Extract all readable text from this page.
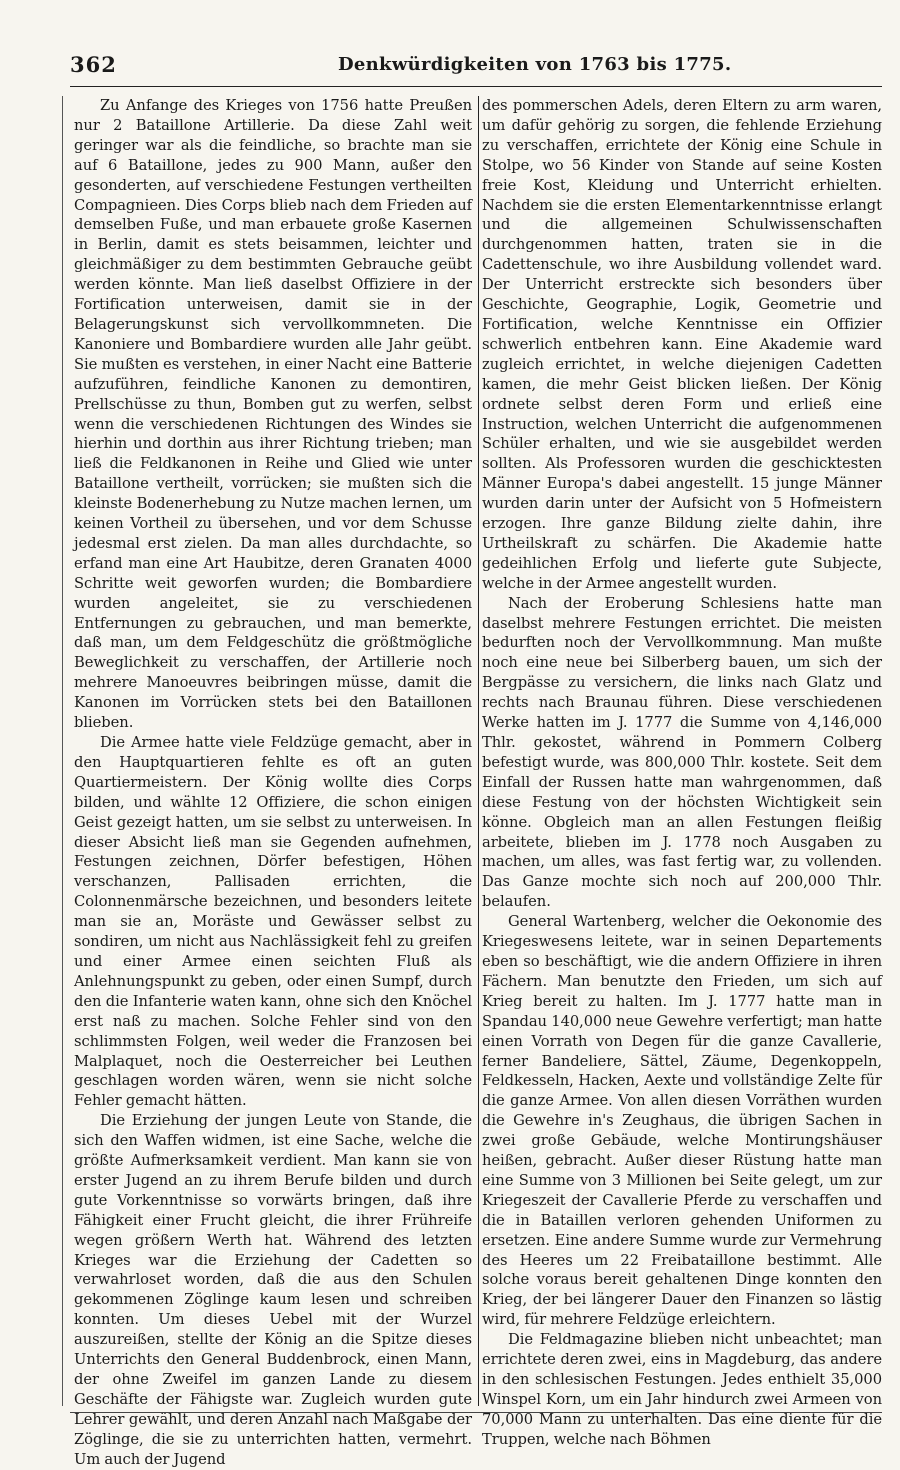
362	Denkwürdigkeiten von 1763 bis 1775.

Zu Anfange des Krieges von 1756 hatte Preußen nur 2 Bataillone Artillerie. Da diese Zahl weit geringer war als die feindliche, so brachte man sie auf 6 Bataillone, jedes zu 900 Mann, außer den gesonderten, auf verschiedene Festungen vertheilten Compagnieen. Dies Corps blieb nach dem Frieden auf demselben Fuße, und man erbauete große Kasernen in Berlin, damit es stets beisammen, leichter und gleichmäßiger zu dem bestimmten Gebrauche geübt werden könnte. Man ließ daselbst Offiziere in der Fortification unterweisen, damit sie in der Belagerungskunst sich vervollkommneten. Die Kanoniere und Bombardiere wurden alle Jahr geübt. Sie mußten es verstehen, in einer Nacht eine Batterie aufzuführen, feindliche Kanonen zu demontiren, Prellschüsse zu thun, Bomben gut zu werfen, selbst wenn die verschiedenen Richtungen des Windes sie hierhin und dorthin aus ihrer Richtung trieben; man ließ die Feldkanonen in Reihe und Glied wie unter Bataillone vertheilt, vorrücken; sie mußten sich die kleinste Bodenerhebung zu Nutze machen lernen, um keinen Vortheil zu übersehen, und vor dem Schusse jedesmal erst zielen. Da man alles durchdachte, so erfand man eine Art Haubitze, deren Granaten 4000 Schritte weit geworfen wurden; die Bombardiere wurden angeleitet, sie zu verschiedenen Entfernungen zu gebrauchen, und man bemerkte, daß man, um dem Feldgeschütz die größtmögliche Beweglichkeit zu verschaffen, der Artillerie noch mehrere Manoeuvres beibringen müsse, damit die Kanonen im Vorrücken stets bei den Bataillonen blieben.

Die Armee hatte viele Feldzüge gemacht, aber in den Hauptquartieren fehlte es oft an guten Quartiermeistern. Der König wollte dies Corps bilden, und wählte 12 Offiziere, die schon einigen Geist gezeigt hatten, um sie selbst zu unterweisen. In dieser Absicht ließ man sie Gegenden aufnehmen, Festungen zeichnen, Dörfer befestigen, Höhen verschanzen, Pallisaden errichten, die Colonnenmärsche bezeichnen, und besonders leitete man sie an, Moräste und Gewässer selbst zu sondiren, um nicht aus Nachlässigkeit fehl zu greifen und einer Armee einen seichten Fluß als Anlehnungspunkt zu geben, oder einen Sumpf, durch den die Infanterie waten kann, ohne sich den Knöchel erst naß zu machen. Solche Fehler sind von den schlimmsten Folgen, weil weder die Franzosen bei Malplaquet, noch die Oesterreicher bei Leuthen geschlagen worden wären, wenn sie nicht solche Fehler gemacht hätten.

Die Erziehung der jungen Leute von Stande, die sich den Waffen widmen, ist eine Sache, welche die größte Aufmerksamkeit verdient. Man kann sie von erster Jugend an zu ihrem Berufe bilden und durch gute Vorkenntnisse so vorwärts bringen, daß ihre Fähigkeit einer Frucht gleicht, die ihrer Frühreife wegen größern Werth hat. Während des letzten Krieges war die Erziehung der Cadetten so verwahrloset worden, daß die aus den Schulen gekommenen Zöglinge kaum lesen und schreiben konnten. Um dieses Uebel mit der Wurzel auszureißen, stellte der König an die Spitze dieses Unterrichts den General Buddenbrock, einen Mann, der ohne Zweifel im ganzen Lande zu diesem Geschäfte der Fähigste war. Zugleich wurden gute Lehrer gewählt, und deren Anzahl nach Maßgabe der Zöglinge, die sie zu unterrichten hatten, vermehrt. Um auch der Jugend

des pommerschen Adels, deren Eltern zu arm waren, um dafür gehörig zu sorgen, die fehlende Erziehung zu verschaffen, errichtete der König eine Schule in Stolpe, wo 56 Kinder von Stande auf seine Kosten freie Kost, Kleidung und Unterricht erhielten. Nachdem sie die ersten Elementarkenntnisse erlangt und die allgemeinen Schulwissenschaften durchgenommen hatten, traten sie in die Cadettenschule, wo ihre Ausbildung vollendet ward. Der Unterricht erstreckte sich besonders über Geschichte, Geographie, Logik, Geometrie und Fortification, welche Kenntnisse ein Offizier schwerlich entbehren kann. Eine Akademie ward zugleich errichtet, in welche diejenigen Cadetten kamen, die mehr Geist blicken ließen. Der König ordnete selbst deren Form und erließ eine Instruction, welchen Unterricht die aufgenommenen Schüler erhalten, und wie sie ausgebildet werden sollten. Als Professoren wurden die geschicktesten Männer Europa's dabei angestellt. 15 junge Männer wurden darin unter der Aufsicht von 5 Hofmeistern erzogen. Ihre ganze Bildung zielte dahin, ihre Urtheilskraft zu schärfen. Die Akademie hatte gedeihlichen Erfolg und lieferte gute Subjecte, welche in der Armee angestellt wurden.

Nach der Eroberung Schlesiens hatte man daselbst mehrere Festungen errichtet. Die meisten bedurften noch der Vervollkommnung. Man mußte noch eine neue bei Silberberg bauen, um sich der Bergpässe zu versichern, die links nach Glatz und rechts nach Braunau führen. Diese verschiedenen Werke hatten im J. 1777 die Summe von 4,146,000 Thlr. gekostet, während in Pommern Colberg befestigt wurde, was 800,000 Thlr. kostete. Seit dem Einfall der Russen hatte man wahrgenommen, daß diese Festung von der höchsten Wichtigkeit sein könne. Obgleich man an allen Festungen fleißig arbeitete, blieben im J. 1778 noch Ausgaben zu machen, um alles, was fast fertig war, zu vollenden. Das Ganze mochte sich noch auf 200,000 Thlr. belaufen.

General Wartenberg, welcher die Oekonomie des Kriegeswesens leitete, war in seinen Departements eben so beschäftigt, wie die andern Offiziere in ihren Fächern. Man benutzte den Frieden, um sich auf Krieg bereit zu halten. Im J. 1777 hatte man in Spandau 140,000 neue Gewehre verfertigt; man hatte einen Vorrath von Degen für die ganze Cavallerie, ferner Bandeliere, Sättel, Zäume, Degenkoppeln, Feldkesseln, Hacken, Aexte und vollständige Zelte für die ganze Armee. Von allen diesen Vorräthen wurden die Gewehre in's Zeughaus, die übrigen Sachen in zwei große Gebäude, welche Montirungshäuser heißen, gebracht. Außer dieser Rüstung hatte man eine Summe von 3 Millionen bei Seite gelegt, um zur Kriegeszeit der Cavallerie Pferde zu verschaffen und die in Bataillen verloren gehenden Uniformen zu ersetzen. Eine andere Summe wurde zur Vermehrung des Heeres um 22 Freibataillone bestimmt. Alle solche voraus bereit gehaltenen Dinge konnten den Krieg, der bei längerer Dauer den Finanzen so lästig wird, für mehrere Feldzüge erleichtern.

Die Feldmagazine blieben nicht unbeachtet; man errichtete deren zwei, eins in Magdeburg, das andere in den schlesischen Festungen. Jedes enthielt 35,000 Winspel Korn, um ein Jahr hindurch zwei Armeen von 70,000 Mann zu unterhalten. Das eine diente für die Truppen, welche nach Böhmen
